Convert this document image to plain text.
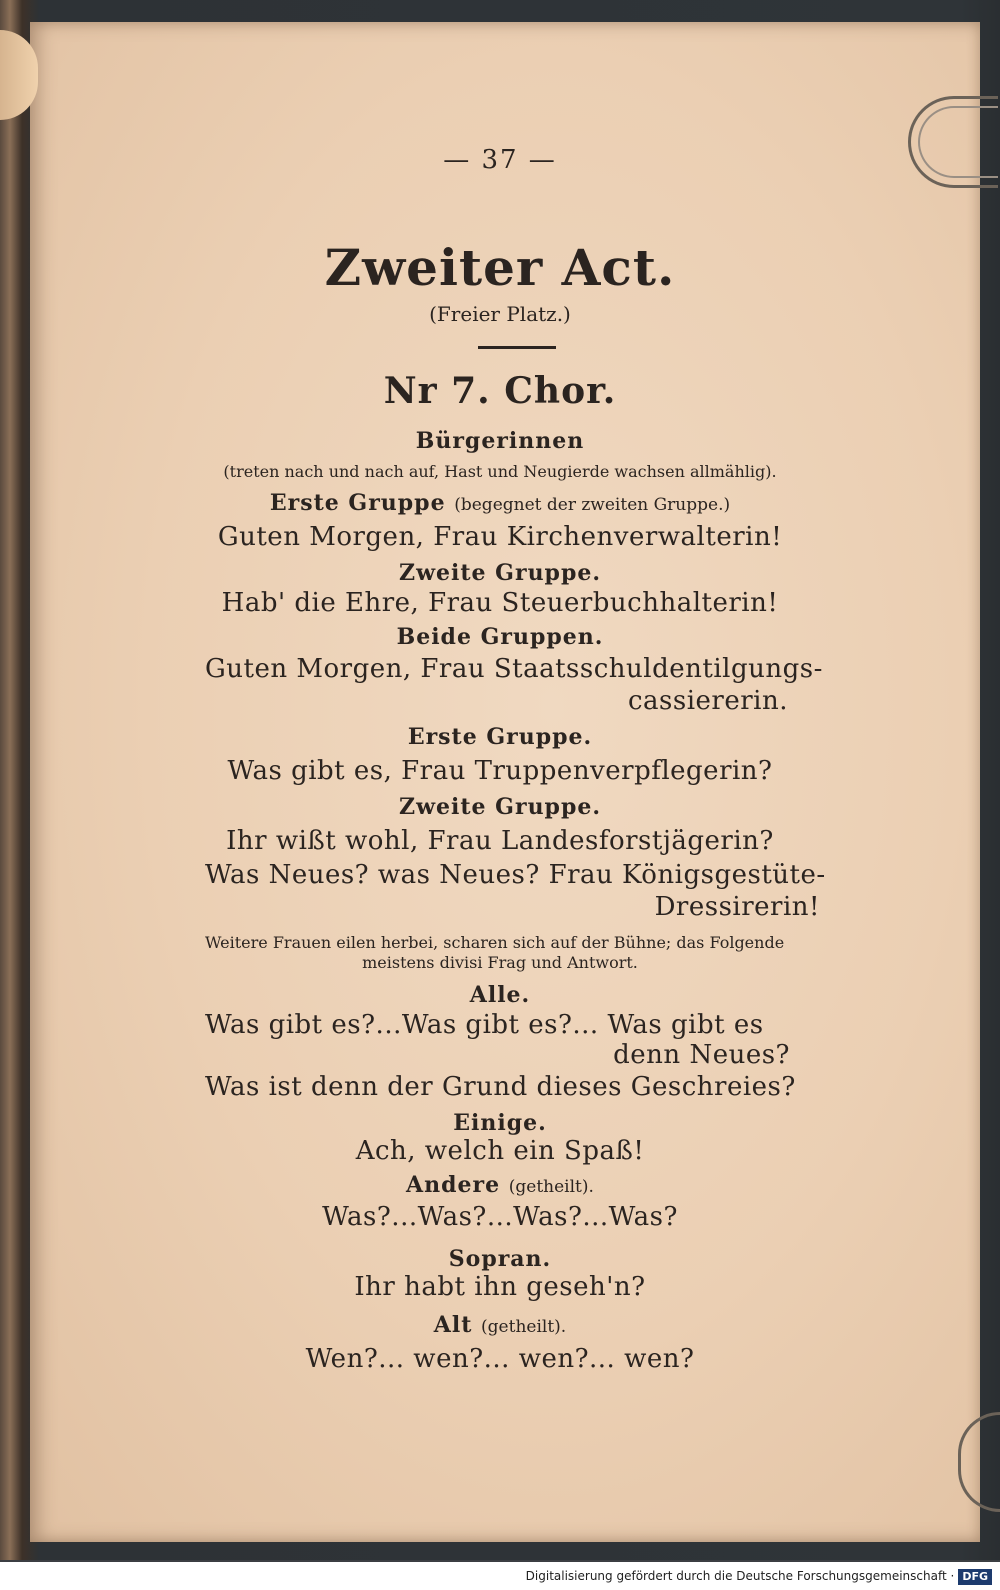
— 37 —
Zweiter Act.
(Freier Platz.)
Nr 7. Chor.
Bürgerinnen
(treten nach und nach auf, Hast und Neugierde wachsen allmählig).
Erste Gruppe (begegnet der zweiten Gruppe.)
Guten Morgen, Frau Kirchenverwalterin!
Zweite Gruppe.
Hab' die Ehre, Frau Steuerbuchhalterin!
Beide Gruppen.
Guten Morgen, Frau Staatsschuldentilgungs-
cassiererin.
Erste Gruppe.
Was gibt es, Frau Truppenverpflegerin?
Zweite Gruppe.
Ihr wißt wohl, Frau Landesforstjägerin?
Was Neues? was Neues? Frau Königsgestüte-
Dressirerin!
Weitere Frauen eilen herbei, scharen sich auf der Bühne; das Folgende
meistens divisi Frag und Antwort.
Alle.
Was gibt es?...Was gibt es?... Was gibt es
denn Neues?
Was ist denn der Grund dieses Geschreies?
Einige.
Ach, welch ein Spaß!
Andere (getheilt).
Was?...Was?...Was?...Was?
Sopran.
Ihr habt ihn geseh'n?
Alt (getheilt).
Wen?... wen?... wen?... wen?
Digitalisierung gefördert durch die Deutsche Forschungsgemeinschaft · DFG
